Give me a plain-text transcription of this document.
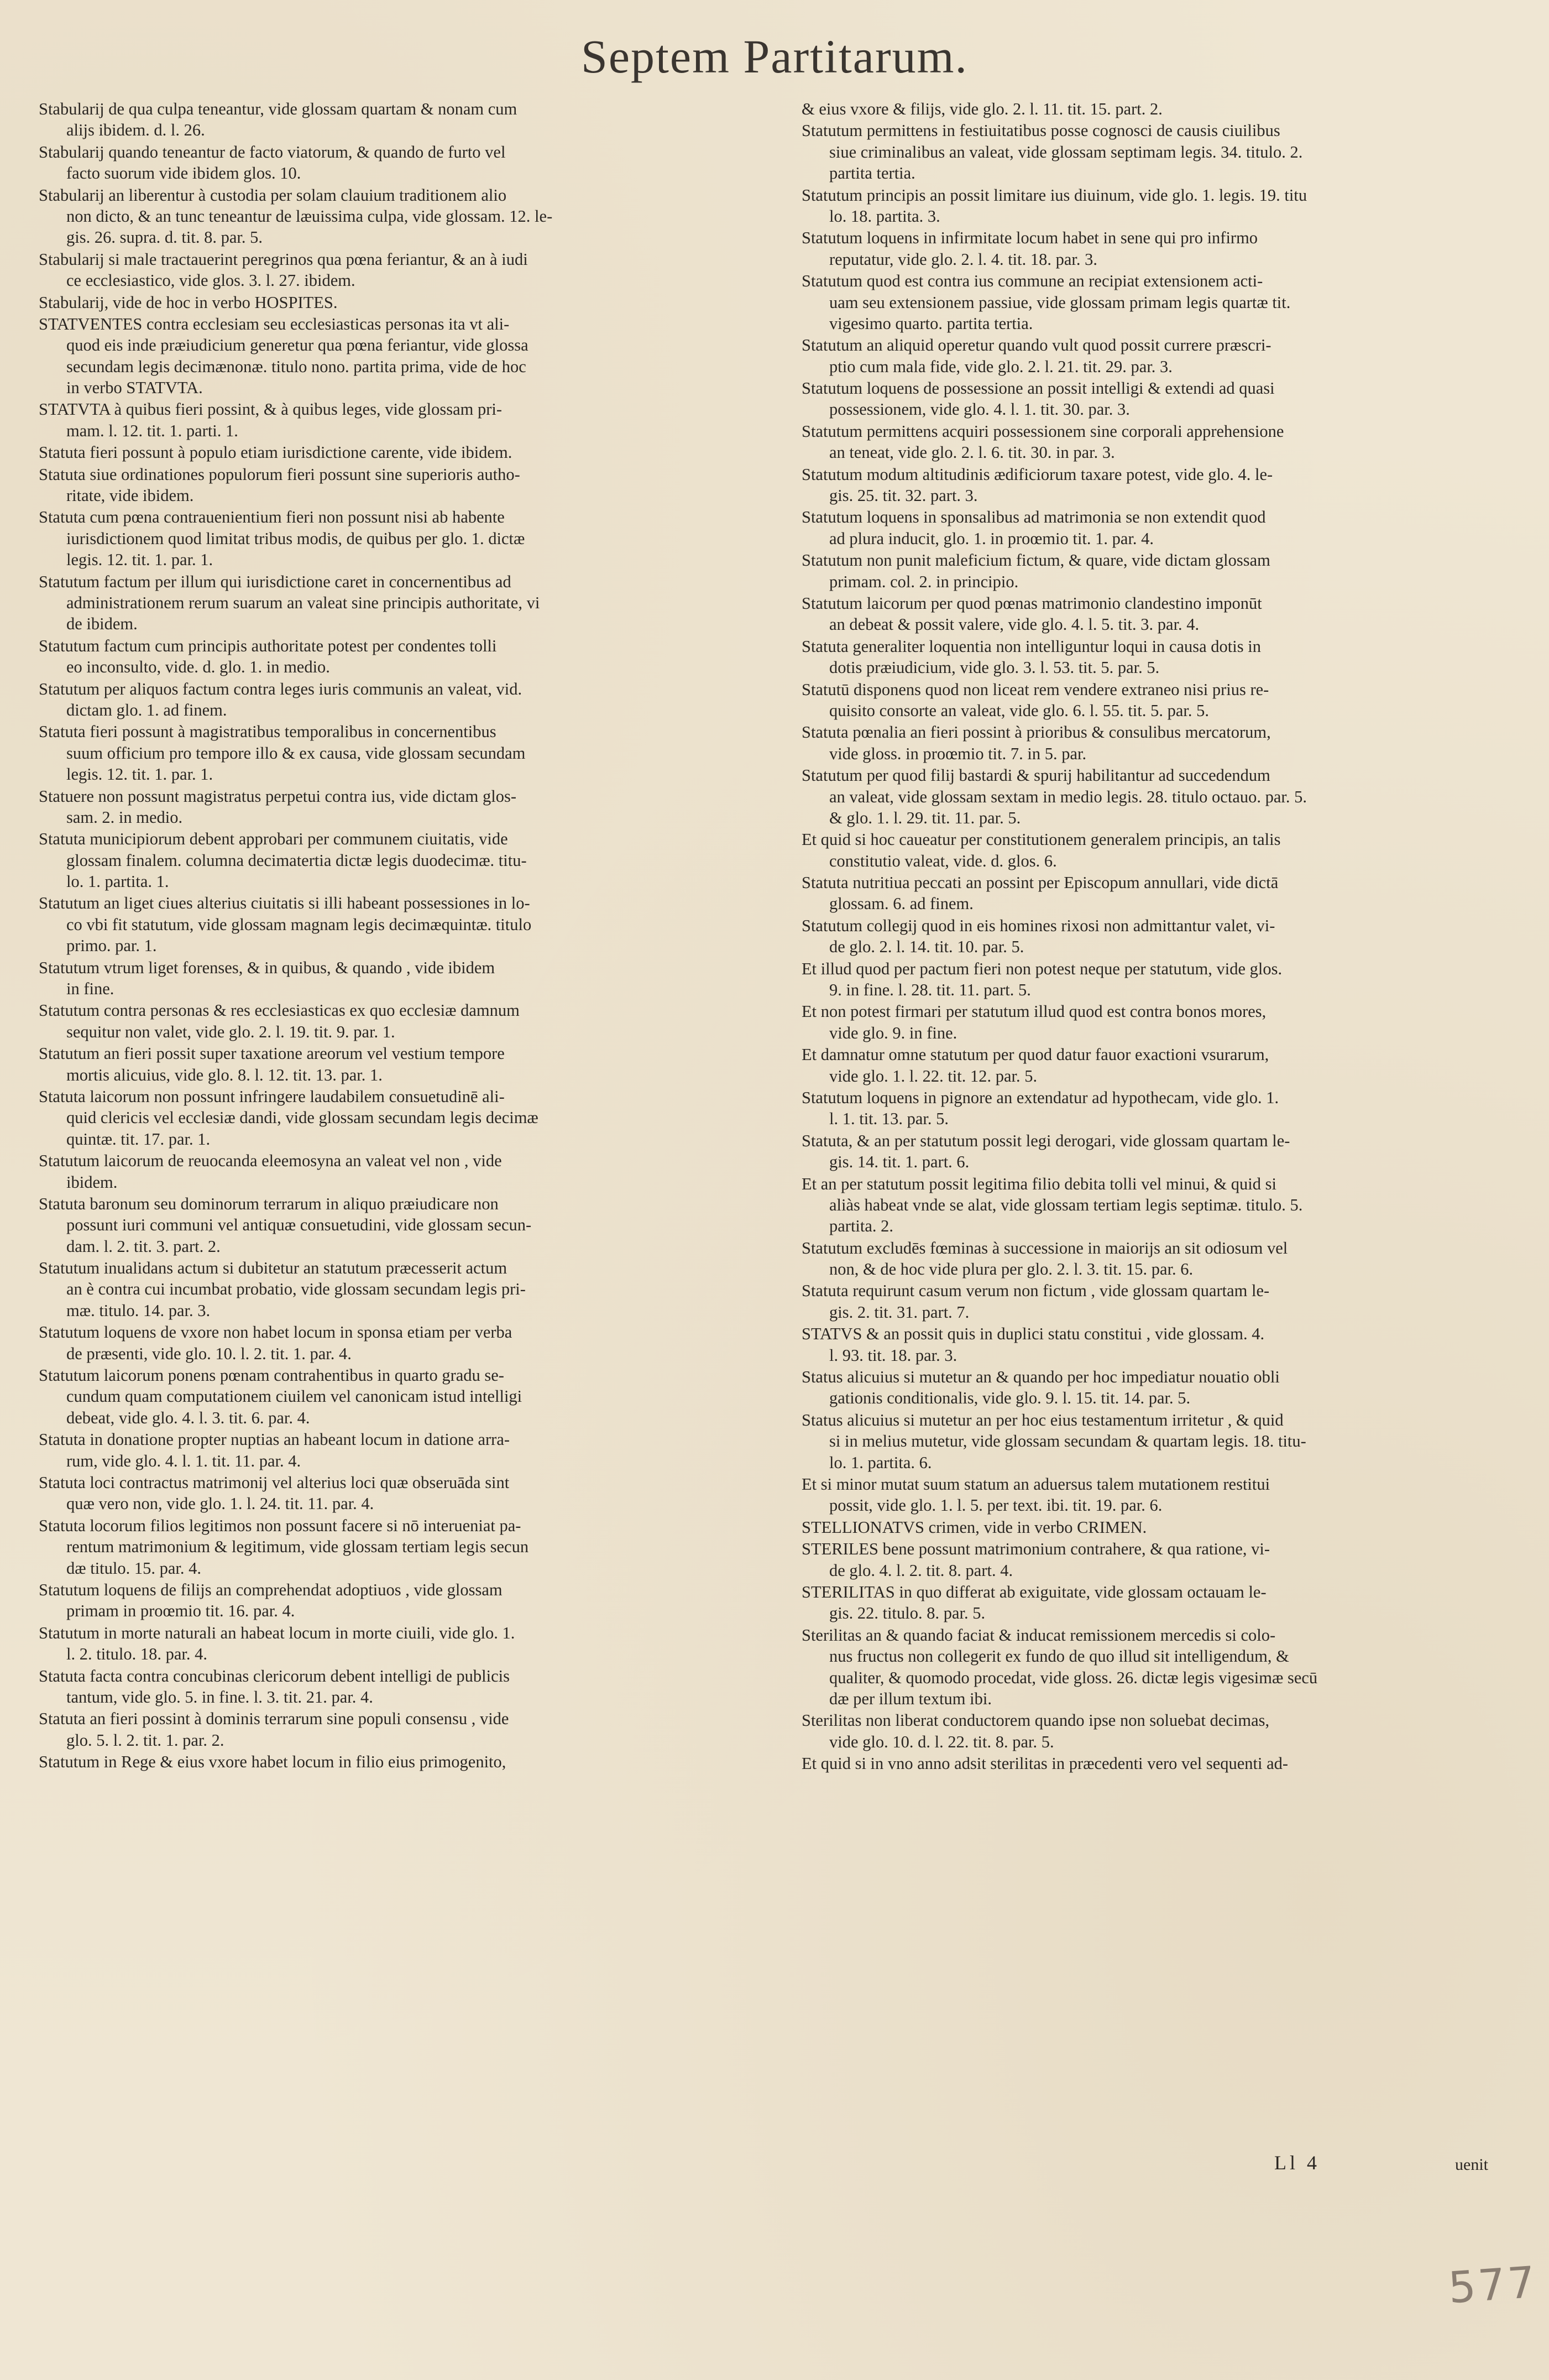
Septem Partitarum.
Stabularij de qua culpa teneantur, vide glossam quartam & nonam cum
alijs ibidem. d. l. 26.
Stabularij quando teneantur de facto viatorum, & quando de furto vel
facto suorum vide ibidem glos. 10.
Stabularij an liberentur à custodia per solam clauium traditionem alio
non dicto, & an tunc teneantur de læuissima culpa, vide glossam. 12. le-
gis. 26. supra. d. tit. 8. par. 5.
Stabularij si male tractauerint peregrinos qua pœna feriantur, & an à iudi
ce ecclesiastico, vide glos. 3. l. 27. ibidem.
Stabularij, vide de hoc in verbo HOSPITES.
STATVENTES contra ecclesiam seu ecclesiasticas personas ita vt ali-
quod eis inde præiudicium generetur qua pœna feriantur, vide glossa
secundam legis decimænonæ. titulo nono. partita prima, vide de hoc
in verbo STATVTA.
STATVTA à quibus fieri possint, & à quibus leges, vide glossam pri-
mam. l. 12. tit. 1. parti. 1.
Statuta fieri possunt à populo etiam iurisdictione carente, vide ibidem.
Statuta siue ordinationes populorum fieri possunt sine superioris autho-
ritate, vide ibidem.
Statuta cum pœna contrauenientium fieri non possunt nisi ab habente
iurisdictionem quod limitat tribus modis, de quibus per glo. 1. dictæ
legis. 12. tit. 1. par. 1.
Statutum factum per illum qui iurisdictione caret in concernentibus ad
administrationem rerum suarum an valeat sine principis authoritate, vi
de ibidem.
Statutum factum cum principis authoritate potest per condentes tolli
eo inconsulto, vide. d. glo. 1. in medio.
Statutum per aliquos factum contra leges iuris communis an valeat, vid.
dictam glo. 1. ad finem.
Statuta fieri possunt à magistratibus temporalibus in concernentibus
suum officium pro tempore illo & ex causa, vide glossam secundam
legis. 12. tit. 1. par. 1.
Statuere non possunt magistratus perpetui contra ius, vide dictam glos-
sam. 2. in medio.
Statuta municipiorum debent approbari per communem ciuitatis, vide
glossam finalem. columna decimatertia dictæ legis duodecimæ. titu-
lo. 1. partita. 1.
Statutum an liget ciues alterius ciuitatis si illi habeant possessiones in lo-
co vbi fit statutum, vide glossam magnam legis decimæquintæ. titulo
primo. par. 1.
Statutum vtrum liget forenses, & in quibus, & quando , vide ibidem
in fine.
Statutum contra personas & res ecclesiasticas ex quo ecclesiæ damnum
sequitur non valet, vide glo. 2. l. 19. tit. 9. par. 1.
Statutum an fieri possit super taxatione areorum vel vestium tempore
mortis alicuius, vide glo. 8. l. 12. tit. 13. par. 1.
Statuta laicorum non possunt infringere laudabilem consuetudinē ali-
quid clericis vel ecclesiæ dandi, vide glossam secundam legis decimæ
quintæ. tit. 17. par. 1.
Statutum laicorum de reuocanda eleemosyna an valeat vel non , vide
ibidem.
Statuta baronum seu dominorum terrarum in aliquo præiudicare non
possunt iuri communi vel antiquæ consuetudini, vide glossam secun-
dam. l. 2. tit. 3. part. 2.
Statutum inualidans actum si dubitetur an statutum præcesserit actum
an è contra cui incumbat probatio, vide glossam secundam legis pri-
mæ. titulo. 14. par. 3.
Statutum loquens de vxore non habet locum in sponsa etiam per verba
de præsenti, vide glo. 10. l. 2. tit. 1. par. 4.
Statutum laicorum ponens pœnam contrahentibus in quarto gradu se-
cundum quam computationem ciuilem vel canonicam istud intelligi
debeat, vide glo. 4. l. 3. tit. 6. par. 4.
Statuta in donatione propter nuptias an habeant locum in datione arra-
rum, vide glo. 4. l. 1. tit. 11. par. 4.
Statuta loci contractus matrimonij vel alterius loci quæ obseruāda sint
quæ vero non, vide glo. 1. l. 24. tit. 11. par. 4.
Statuta locorum filios legitimos non possunt facere si nō interueniat pa-
rentum matrimonium & legitimum, vide glossam tertiam legis secun
dæ titulo. 15. par. 4.
Statutum loquens de filijs an comprehendat adoptiuos , vide glossam
primam in proœmio tit. 16. par. 4.
Statutum in morte naturali an habeat locum in morte ciuili, vide glo. 1.
l. 2. titulo. 18. par. 4.
Statuta facta contra concubinas clericorum debent intelligi de publicis
tantum, vide glo. 5. in fine. l. 3. tit. 21. par. 4.
Statuta an fieri possint à dominis terrarum sine populi consensu , vide
glo. 5. l. 2. tit. 1. par. 2.
Statutum in Rege & eius vxore habet locum in filio eius primogenito,
& eius vxore & filijs, vide glo. 2. l. 11. tit. 15. part. 2.
Statutum permittens in festiuitatibus posse cognosci de causis ciuilibus
siue criminalibus an valeat, vide glossam septimam legis. 34. titulo. 2.
partita tertia.
Statutum principis an possit limitare ius diuinum, vide glo. 1. legis. 19. titu
lo. 18. partita. 3.
Statutum loquens in infirmitate locum habet in sene qui pro infirmo
reputatur, vide glo. 2. l. 4. tit. 18. par. 3.
Statutum quod est contra ius commune an recipiat extensionem acti-
uam seu extensionem passiue, vide glossam primam legis quartæ tit.
vigesimo quarto. partita tertia.
Statutum an aliquid operetur quando vult quod possit currere præscri-
ptio cum mala fide, vide glo. 2. l. 21. tit. 29. par. 3.
Statutum loquens de possessione an possit intelligi & extendi ad quasi
possessionem, vide glo. 4. l. 1. tit. 30. par. 3.
Statutum permittens acquiri possessionem sine corporali apprehensione
an teneat, vide glo. 2. l. 6. tit. 30. in par. 3.
Statutum modum altitudinis ædificiorum taxare potest, vide glo. 4. le-
gis. 25. tit. 32. part. 3.
Statutum loquens in sponsalibus ad matrimonia se non extendit quod
ad plura inducit, glo. 1. in proœmio tit. 1. par. 4.
Statutum non punit maleficium fictum, & quare, vide dictam glossam
primam. col. 2. in principio.
Statutum laicorum per quod pœnas matrimonio clandestino imponūt
an debeat & possit valere, vide glo. 4. l. 5. tit. 3. par. 4.
Statuta generaliter loquentia non intelliguntur loqui in causa dotis in
dotis præiudicium, vide glo. 3. l. 53. tit. 5. par. 5.
Statutū disponens quod non liceat rem vendere extraneo nisi prius re-
quisito consorte an valeat, vide glo. 6. l. 55. tit. 5. par. 5.
Statuta pœnalia an fieri possint à prioribus & consulibus mercatorum,
vide gloss. in proœmio tit. 7. in 5. par.
Statutum per quod filij bastardi & spurij habilitantur ad succedendum
an valeat, vide glossam sextam in medio legis. 28. titulo octauo. par. 5.
& glo. 1. l. 29. tit. 11. par. 5.
Et quid si hoc caueatur per constitutionem generalem principis, an talis
constitutio valeat, vide. d. glos. 6.
Statuta nutritiua peccati an possint per Episcopum annullari, vide dictā
glossam. 6. ad finem.
Statutum collegij quod in eis homines rixosi non admittantur valet, vi-
de glo. 2. l. 14. tit. 10. par. 5.
Et illud quod per pactum fieri non potest neque per statutum, vide glos.
9. in fine. l. 28. tit. 11. part. 5.
Et non potest firmari per statutum illud quod est contra bonos mores,
vide glo. 9. in fine.
Et damnatur omne statutum per quod datur fauor exactioni vsurarum,
vide glo. 1. l. 22. tit. 12. par. 5.
Statutum loquens in pignore an extendatur ad hypothecam, vide glo. 1.
l. 1. tit. 13. par. 5.
Statuta, & an per statutum possit legi derogari, vide glossam quartam le-
gis. 14. tit. 1. part. 6.
Et an per statutum possit legitima filio debita tolli vel minui, & quid si
aliàs habeat vnde se alat, vide glossam tertiam legis septimæ. titulo. 5.
partita. 2.
Statutum excludēs fœminas à successione in maiorijs an sit odiosum vel
non, & de hoc vide plura per glo. 2. l. 3. tit. 15. par. 6.
Statuta requirunt casum verum non fictum , vide glossam quartam le-
gis. 2. tit. 31. part. 7.
STATVS & an possit quis in duplici statu constitui , vide glossam. 4.
l. 93. tit. 18. par. 3.
Status alicuius si mutetur an & quando per hoc impediatur nouatio obli
gationis conditionalis, vide glo. 9. l. 15. tit. 14. par. 5.
Status alicuius si mutetur an per hoc eius testamentum irritetur , & quid
si in melius mutetur, vide glossam secundam & quartam legis. 18. titu-
lo. 1. partita. 6.
Et si minor mutat suum statum an aduersus talem mutationem restitui
possit, vide glo. 1. l. 5. per text. ibi. tit. 19. par. 6.
STELLIONATVS crimen, vide in verbo CRIMEN.
STERILES bene possunt matrimonium contrahere, & qua ratione, vi-
de glo. 4. l. 2. tit. 8. part. 4.
STERILITAS in quo differat ab exiguitate, vide glossam octauam le-
gis. 22. titulo. 8. par. 5.
Sterilitas an & quando faciat & inducat remissionem mercedis si colo-
nus fructus non collegerit ex fundo de quo illud sit intelligendum, &
qualiter, & quomodo procedat, vide gloss. 26. dictæ legis vigesimæ secū
dæ per illum textum ibi.
Sterilitas non liberat conductorem quando ipse non soluebat decimas,
vide glo. 10. d. l. 22. tit. 8. par. 5.
Et quid si in vno anno adsit sterilitas in præcedenti vero vel sequenti ad-
Ll 4	uenit
577
